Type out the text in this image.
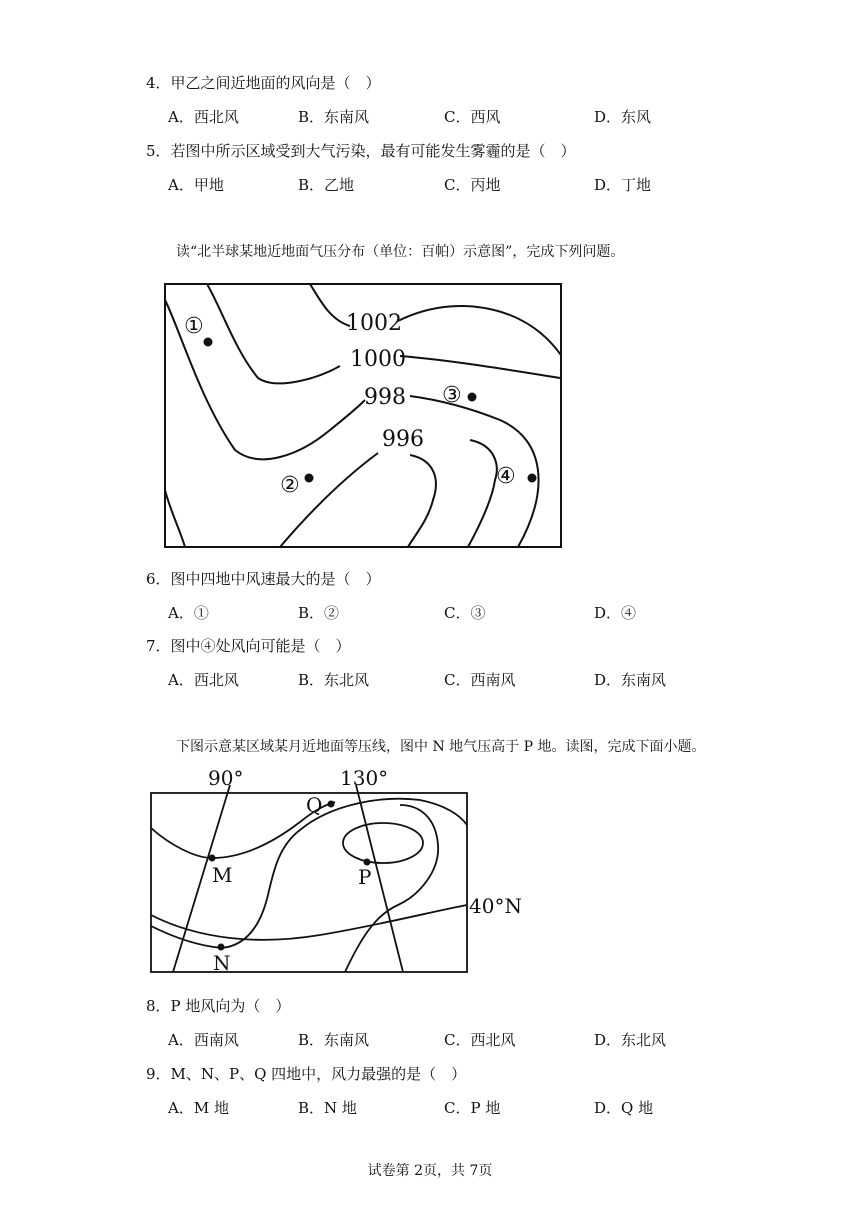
4．甲乙之间近地面的风向是（　）
A．西北风	B．东南风	C．西风	D．东风
5．若图中所示区域受到大气污染，最有可能发生雾霾的是（　）
A．甲地	B．乙地	C．丙地	D．丁地
读“北半球某地近地面气压分布（单位：百帕）示意图”，完成下列问题。
1002
1000
998
996
①
②
③
④
6．图中四地中风速最大的是（　）
A．①	B．②	C．③	D．④
7．图中④处风向可能是（　）
A．西北风	B．东北风	C．西南风	D．东南风
下图示意某区域某月近地面等压线，图中 N 地气压高于 P 地。读图，完成下面小题。
90°	130°
40°N
M
N
P
Q
8．P 地风向为（　）
A．西南风	B．东南风	C．西北风	D．东北风
9．M、N、P、Q 四地中，风力最强的是（　）
A．M 地	B．N 地	C．P 地	D．Q 地
试卷第 2页，共 7页
